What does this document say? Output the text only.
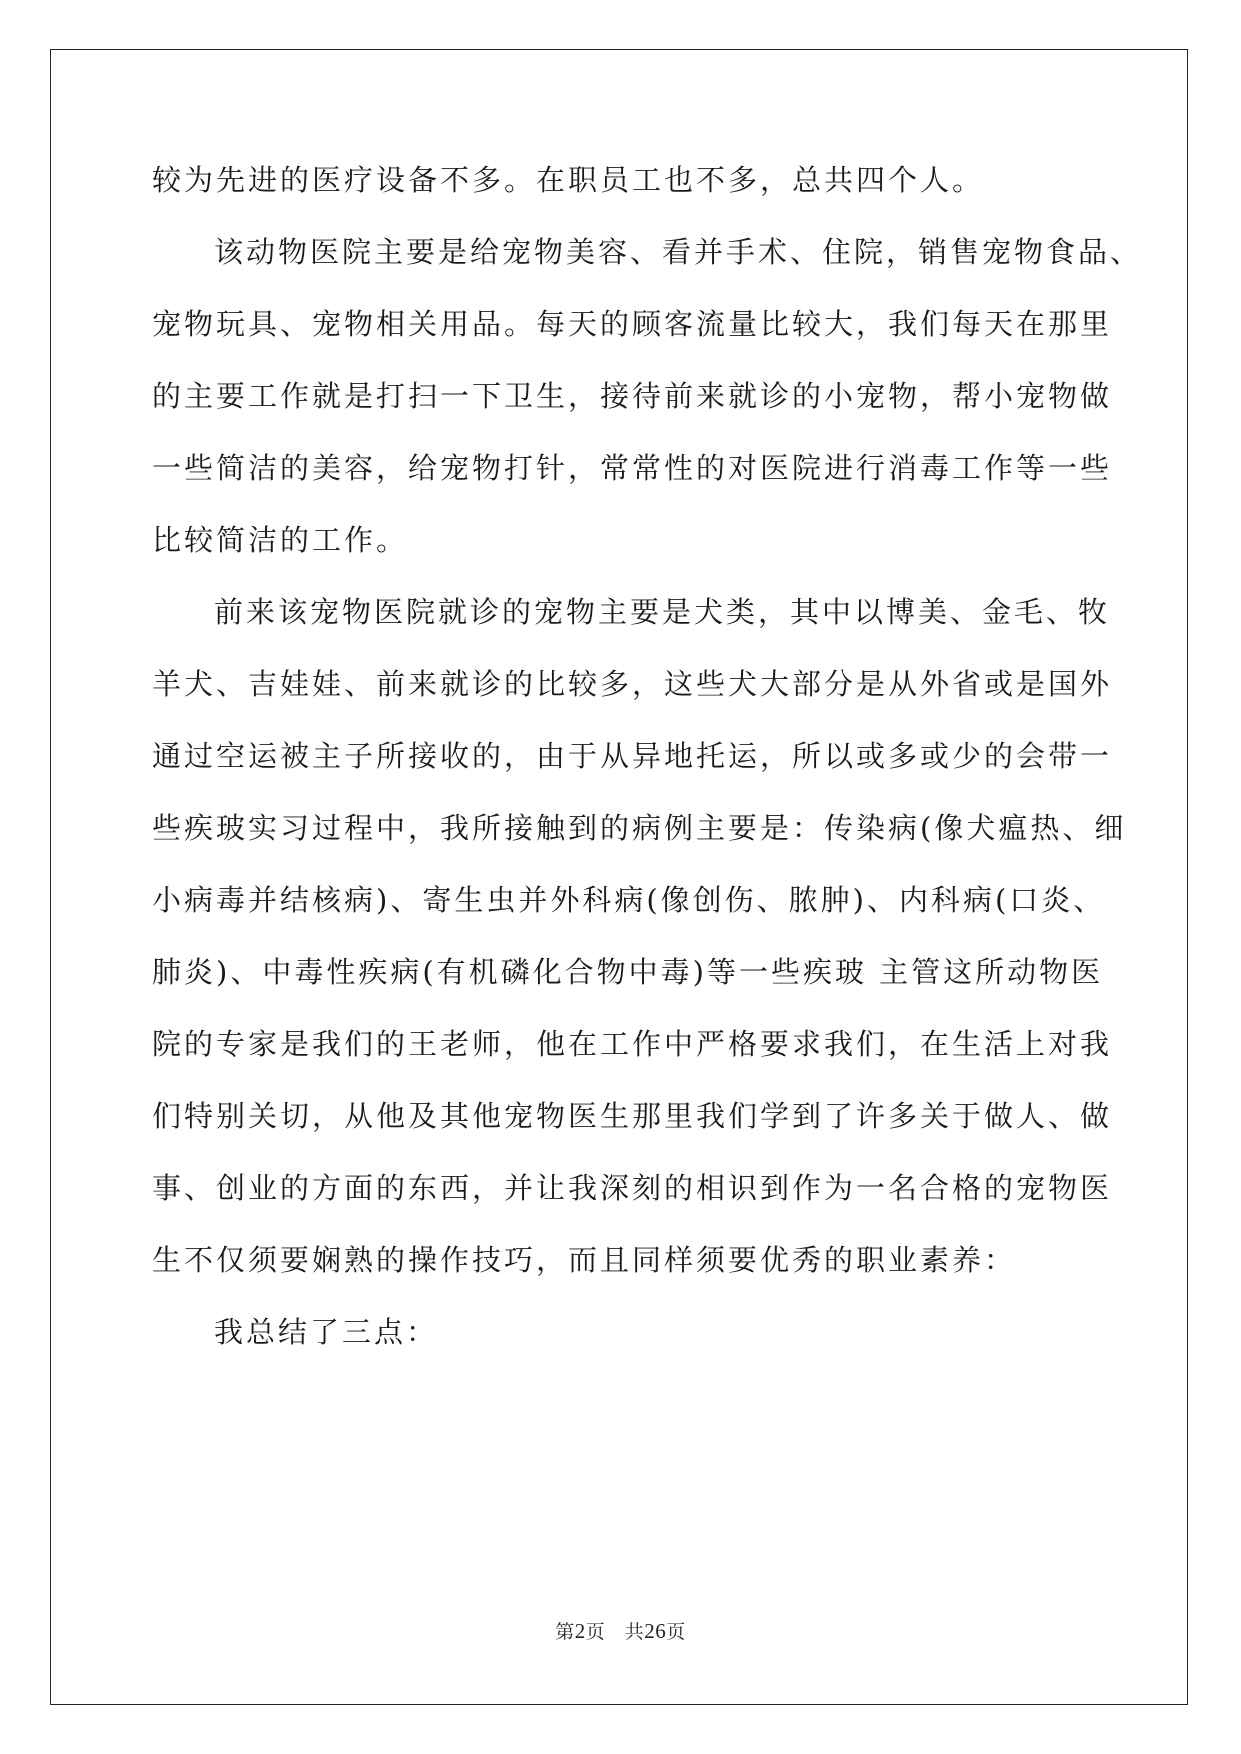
较为先进的医疗设备不多。在职员工也不多，总共四个人。
该动物医院主要是给宠物美容、看并手术、住院，销售宠物食品、
宠物玩具、宠物相关用品。每天的顾客流量比较大，我们每天在那里
的主要工作就是打扫一下卫生，接待前来就诊的小宠物，帮小宠物做
一些简洁的美容，给宠物打针，常常性的对医院进行消毒工作等一些
比较简洁的工作。
前来该宠物医院就诊的宠物主要是犬类，其中以博美、金毛、牧
羊犬、吉娃娃、前来就诊的比较多，这些犬大部分是从外省或是国外
通过空运被主子所接收的，由于从异地托运，所以或多或少的会带一
些疾玻实习过程中，我所接触到的病例主要是：传染病(像犬瘟热、细
小病毒并结核病)、寄生虫并外科病(像创伤、脓肿)、内科病(口炎、
肺炎)、中毒性疾病(有机磷化合物中毒)等一些疾玻 主管这所动物医
院的专家是我们的王老师，他在工作中严格要求我们，在生活上对我
们特别关切，从他及其他宠物医生那里我们学到了许多关于做人、做
事、创业的方面的东西，并让我深刻的相识到作为一名合格的宠物医
生不仅须要娴熟的操作技巧，而且同样须要优秀的职业素养：
我总结了三点：
第2页　共26页
